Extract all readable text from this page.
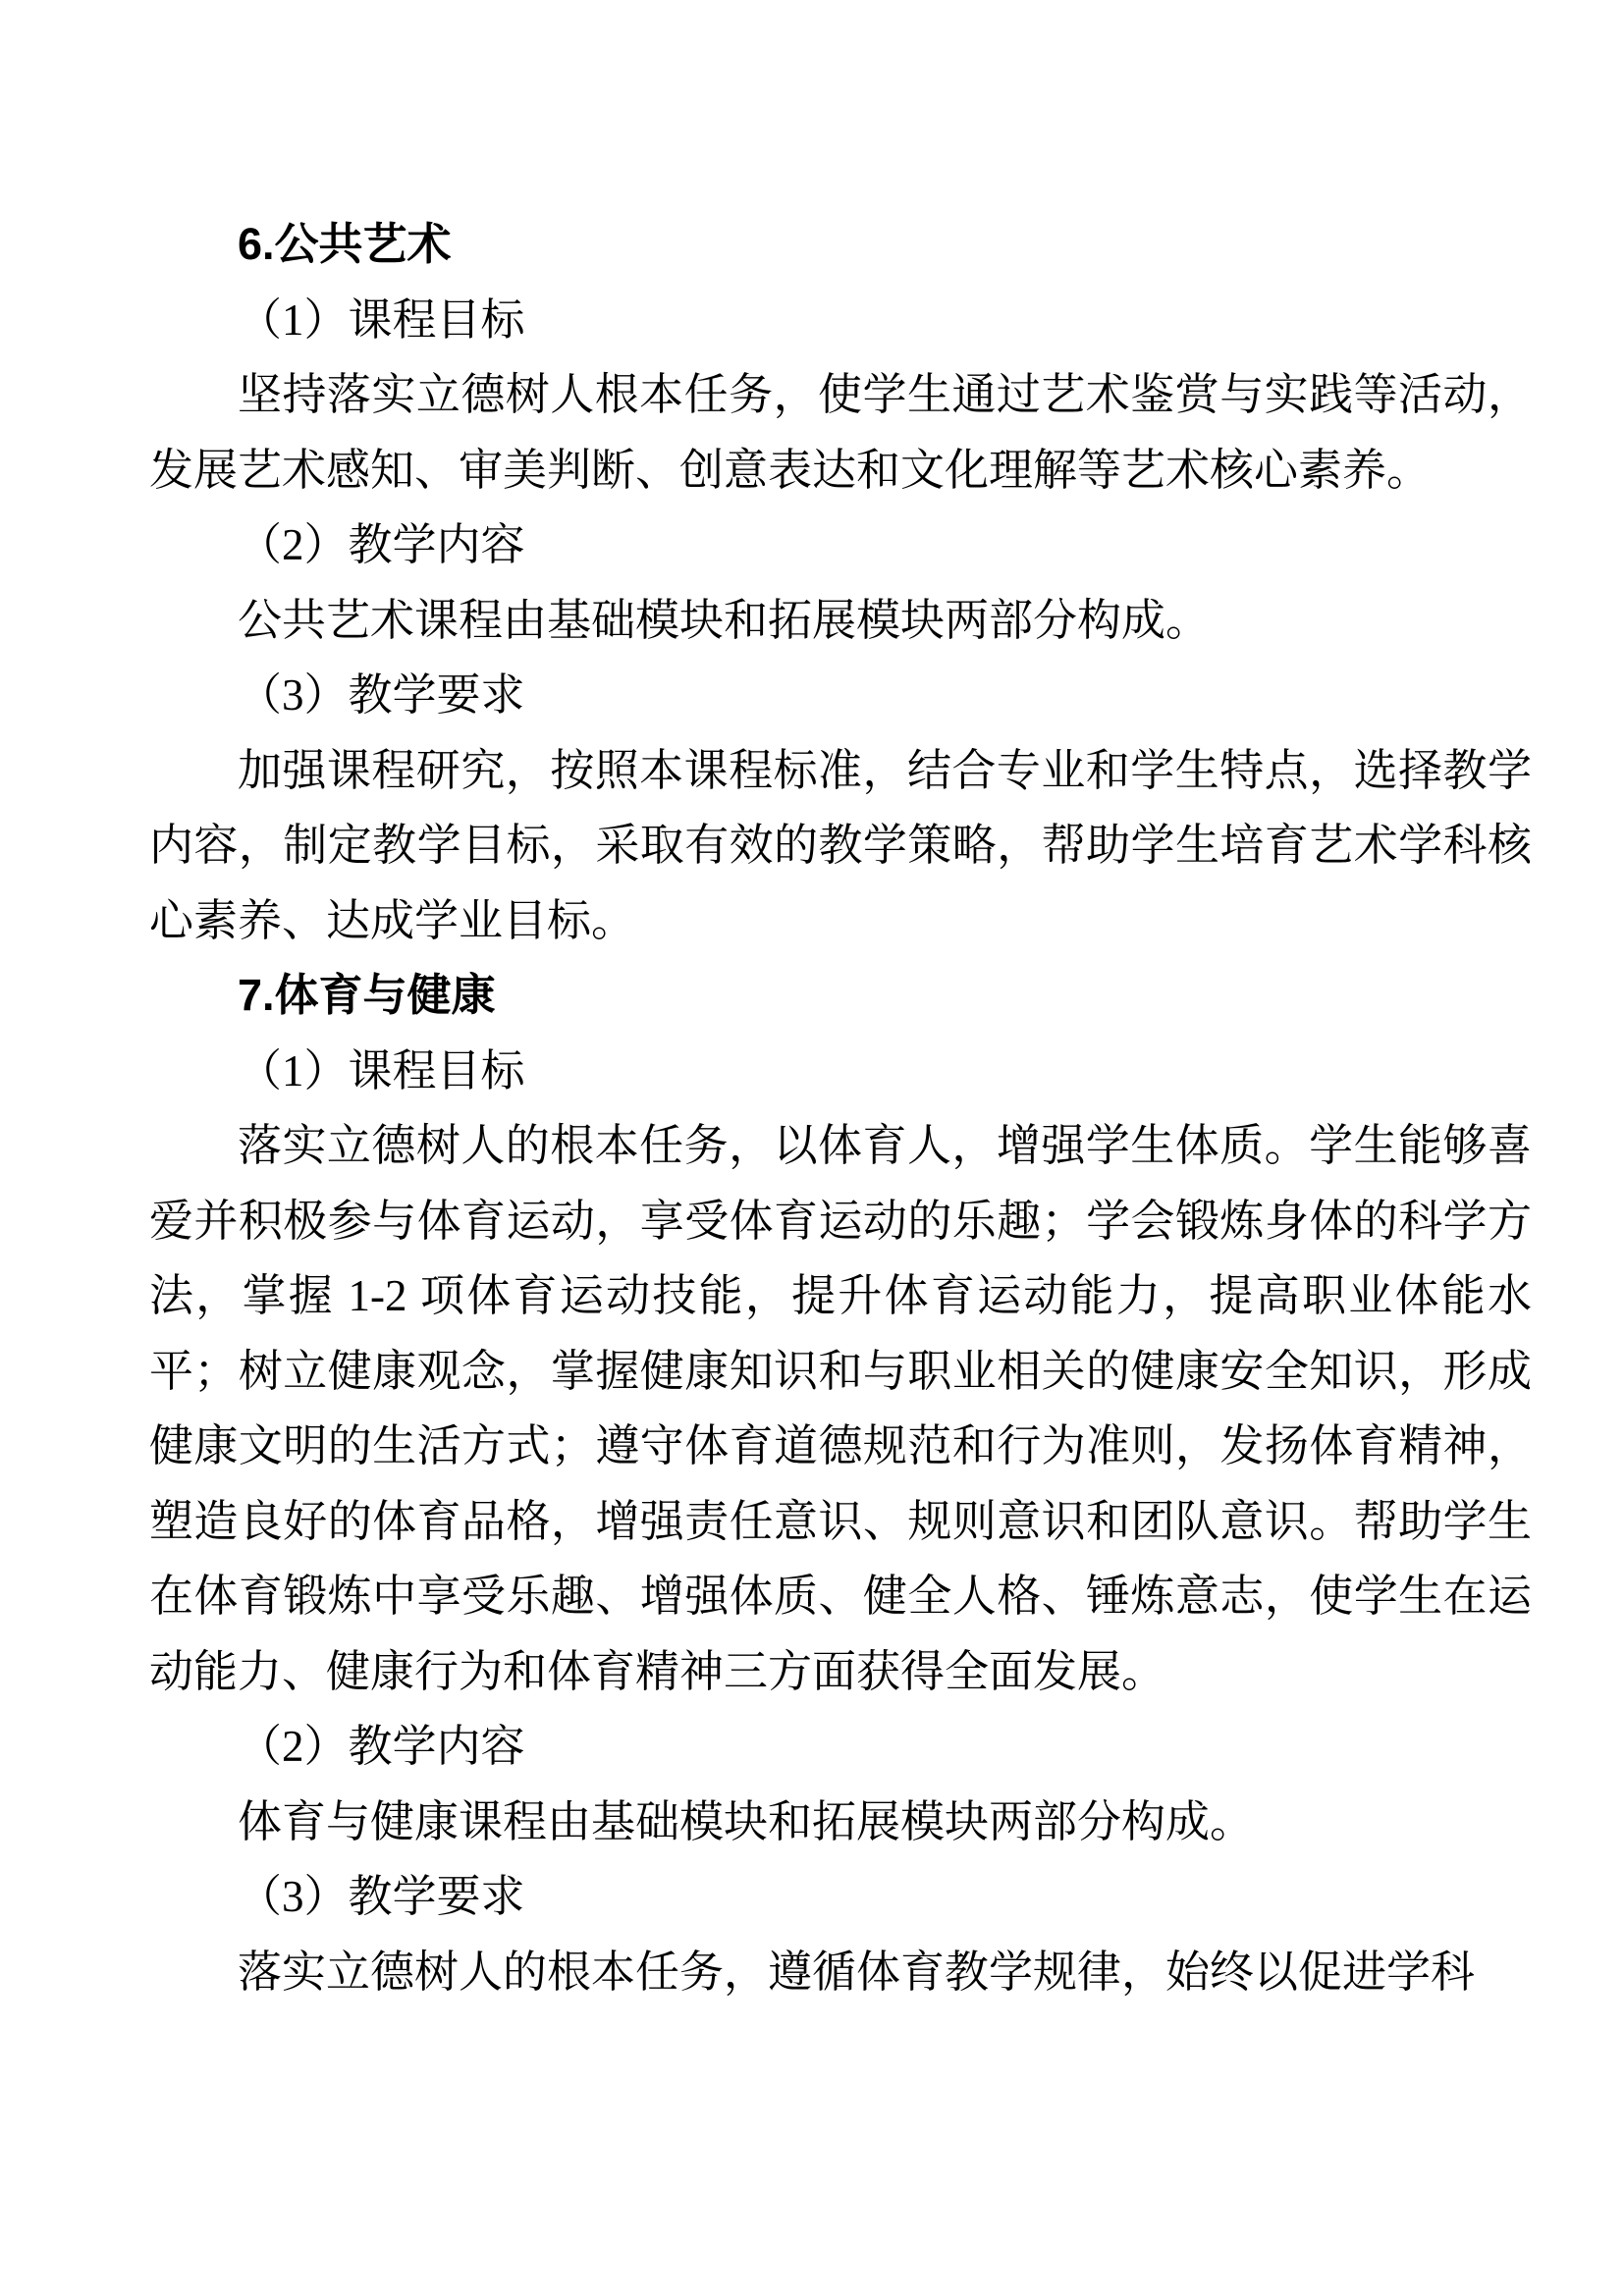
6.公共艺术
（1）课程目标
坚持落实立德树人根本任务，使学生通过艺术鉴赏与实践等活动，发展艺术感知、审美判断、创意表达和文化理解等艺术核心素养。
（2）教学内容
公共艺术课程由基础模块和拓展模块两部分构成。
（3）教学要求
加强课程研究，按照本课程标准，结合专业和学生特点，选择教学内容，制定教学目标，采取有效的教学策略，帮助学生培育艺术学科核心素养、达成学业目标。
7.体育与健康
（1）课程目标
落实立德树人的根本任务，以体育人，增强学生体质。学生能够喜爱并积极参与体育运动，享受体育运动的乐趣；学会锻炼身体的科学方法，掌握 1-2 项体育运动技能，提升体育运动能力，提高职业体能水平；树立健康观念，掌握健康知识和与职业相关的健康安全知识，形成健康文明的生活方式；遵守体育道德规范和行为准则，发扬体育精神，塑造良好的体育品格，增强责任意识、规则意识和团队意识。帮助学生在体育锻炼中享受乐趣、增强体质、健全人格、锤炼意志，使学生在运动能力、健康行为和体育精神三方面获得全面发展。
（2）教学内容
体育与健康课程由基础模块和拓展模块两部分构成。
（3）教学要求
落实立德树人的根本任务，遵循体育教学规律，始终以促进学科
